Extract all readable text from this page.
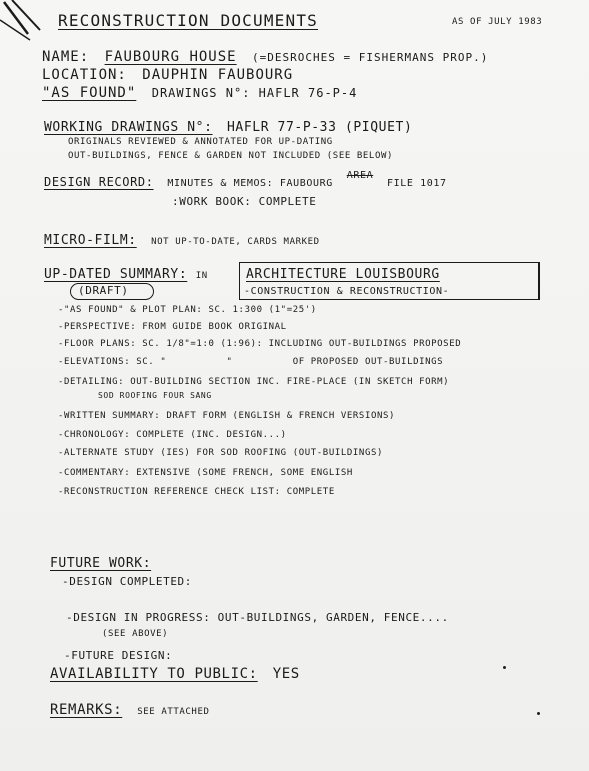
RECONSTRUCTION DOCUMENTS	AS OF JULY 1983
NAME: FAUBOURG HOUSE (=DESROCHES = FISHERMANS PROP.)
LOCATION: DAUPHIN FAUBOURG
"AS FOUND" DRAWINGS N°: HAFLR 76-P-4
WORKING DRAWINGS N°: HAFLR 77-P-33 (PIQUET)
ORIGINALS REVIEWED & ANNOTATED FOR UP-DATING
OUT-BUILDINGS, FENCE & GARDEN NOT INCLUDED (SEE BELOW)
DESIGN RECORD: MINUTES & MEMOS: FAUBOURG $^{AREA}$ FILE 1017
:WORK BOOK: COMPLETE
MICRO-FILM: NOT UP-TO-DATE, CARDS MARKED
UP-DATED SUMMARY: IN
(DRAFT)
ARCHITECTURE LOUISBOURG
-CONSTRUCTION & RECONSTRUCTION-
-"AS FOUND" & PLOT PLAN: SC. 1:300 (1"=25')
-PERSPECTIVE: FROM GUIDE BOOK ORIGINAL
-FLOOR PLANS: SC. 1/8"=1:0 (1:96): INCLUDING OUT-BUILDINGS PROPOSED
-ELEVATIONS: SC. "          "          OF PROPOSED OUT-BUILDINGS
-DETAILING: OUT-BUILDING SECTION INC. FIRE-PLACE (IN SKETCH FORM)
SOD ROOFING FOUR SANG
-WRITTEN SUMMARY: DRAFT FORM (ENGLISH & FRENCH VERSIONS)
-CHRONOLOGY: COMPLETE (INC. DESIGN...)
-ALTERNATE STUDY (IES) FOR SOD ROOFING (OUT-BUILDINGS)
-COMMENTARY: EXTENSIVE (SOME FRENCH, SOME ENGLISH
-RECONSTRUCTION REFERENCE CHECK LIST: COMPLETE
FUTURE WORK:
-DESIGN COMPLETED:
-DESIGN IN PROGRESS: OUT-BUILDINGS, GARDEN, FENCE....
(SEE ABOVE)
-FUTURE DESIGN:
AVAILABILITY TO PUBLIC: YES
REMARKS: SEE ATTACHED
